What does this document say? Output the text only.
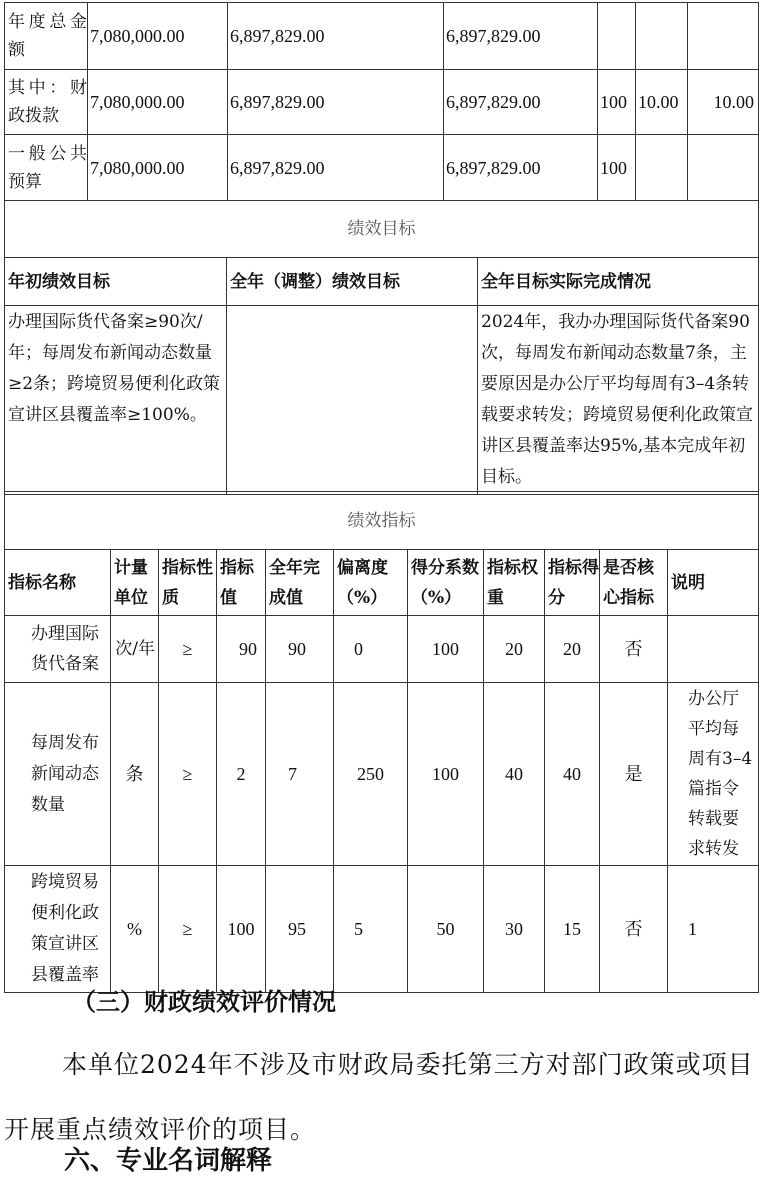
年度总金额	7,080,000.00	6,897,829.00	6,897,829.00			
其中：财政拨款	7,080,000.00	6,897,829.00	6,897,829.00	100	10.00	10.00
一般公共预算	7,080,000.00	6,897,829.00	6,897,829.00	100		
绩效目标		
年初绩效目标	全年（调整）绩效目标	全年目标实际完成情况
办理国际货代备案≥90次/年；每周发布新闻动态数量≥2条；跨境贸易便利化政策宣讲区县覆盖率≥100%。		2024年，我办办理国际货代备案90次，每周发布新闻动态数量7条，主要原因是办公厅平均每周有3–4条转载要求转发；跨境贸易便利化政策宣讲区县覆盖率达95%,基本完成年初目标。
绩效指标										
指标名称	计量单位	指标性质	指标值	全年完成值	偏离度（%）	得分系数（%）	指标权重	指标得分	是否核心指标	说明
办理国际货代备案	次/年	≥	90	90	0	100	20	20	否	
每周发布新闻动态数量	条	≥	2	7	250	100	40	40	是	办公厅平均每周有3–4篇指令转载要求转发
跨境贸易便利化政策宣讲区县覆盖率	%	≥	100	95	5	50	30	15	否	1
（三）财政绩效评价情况
本单位2024年不涉及市财政局委托第三方对部门政策或项目开展重点绩效评价的项目。
六、专业名词解释
